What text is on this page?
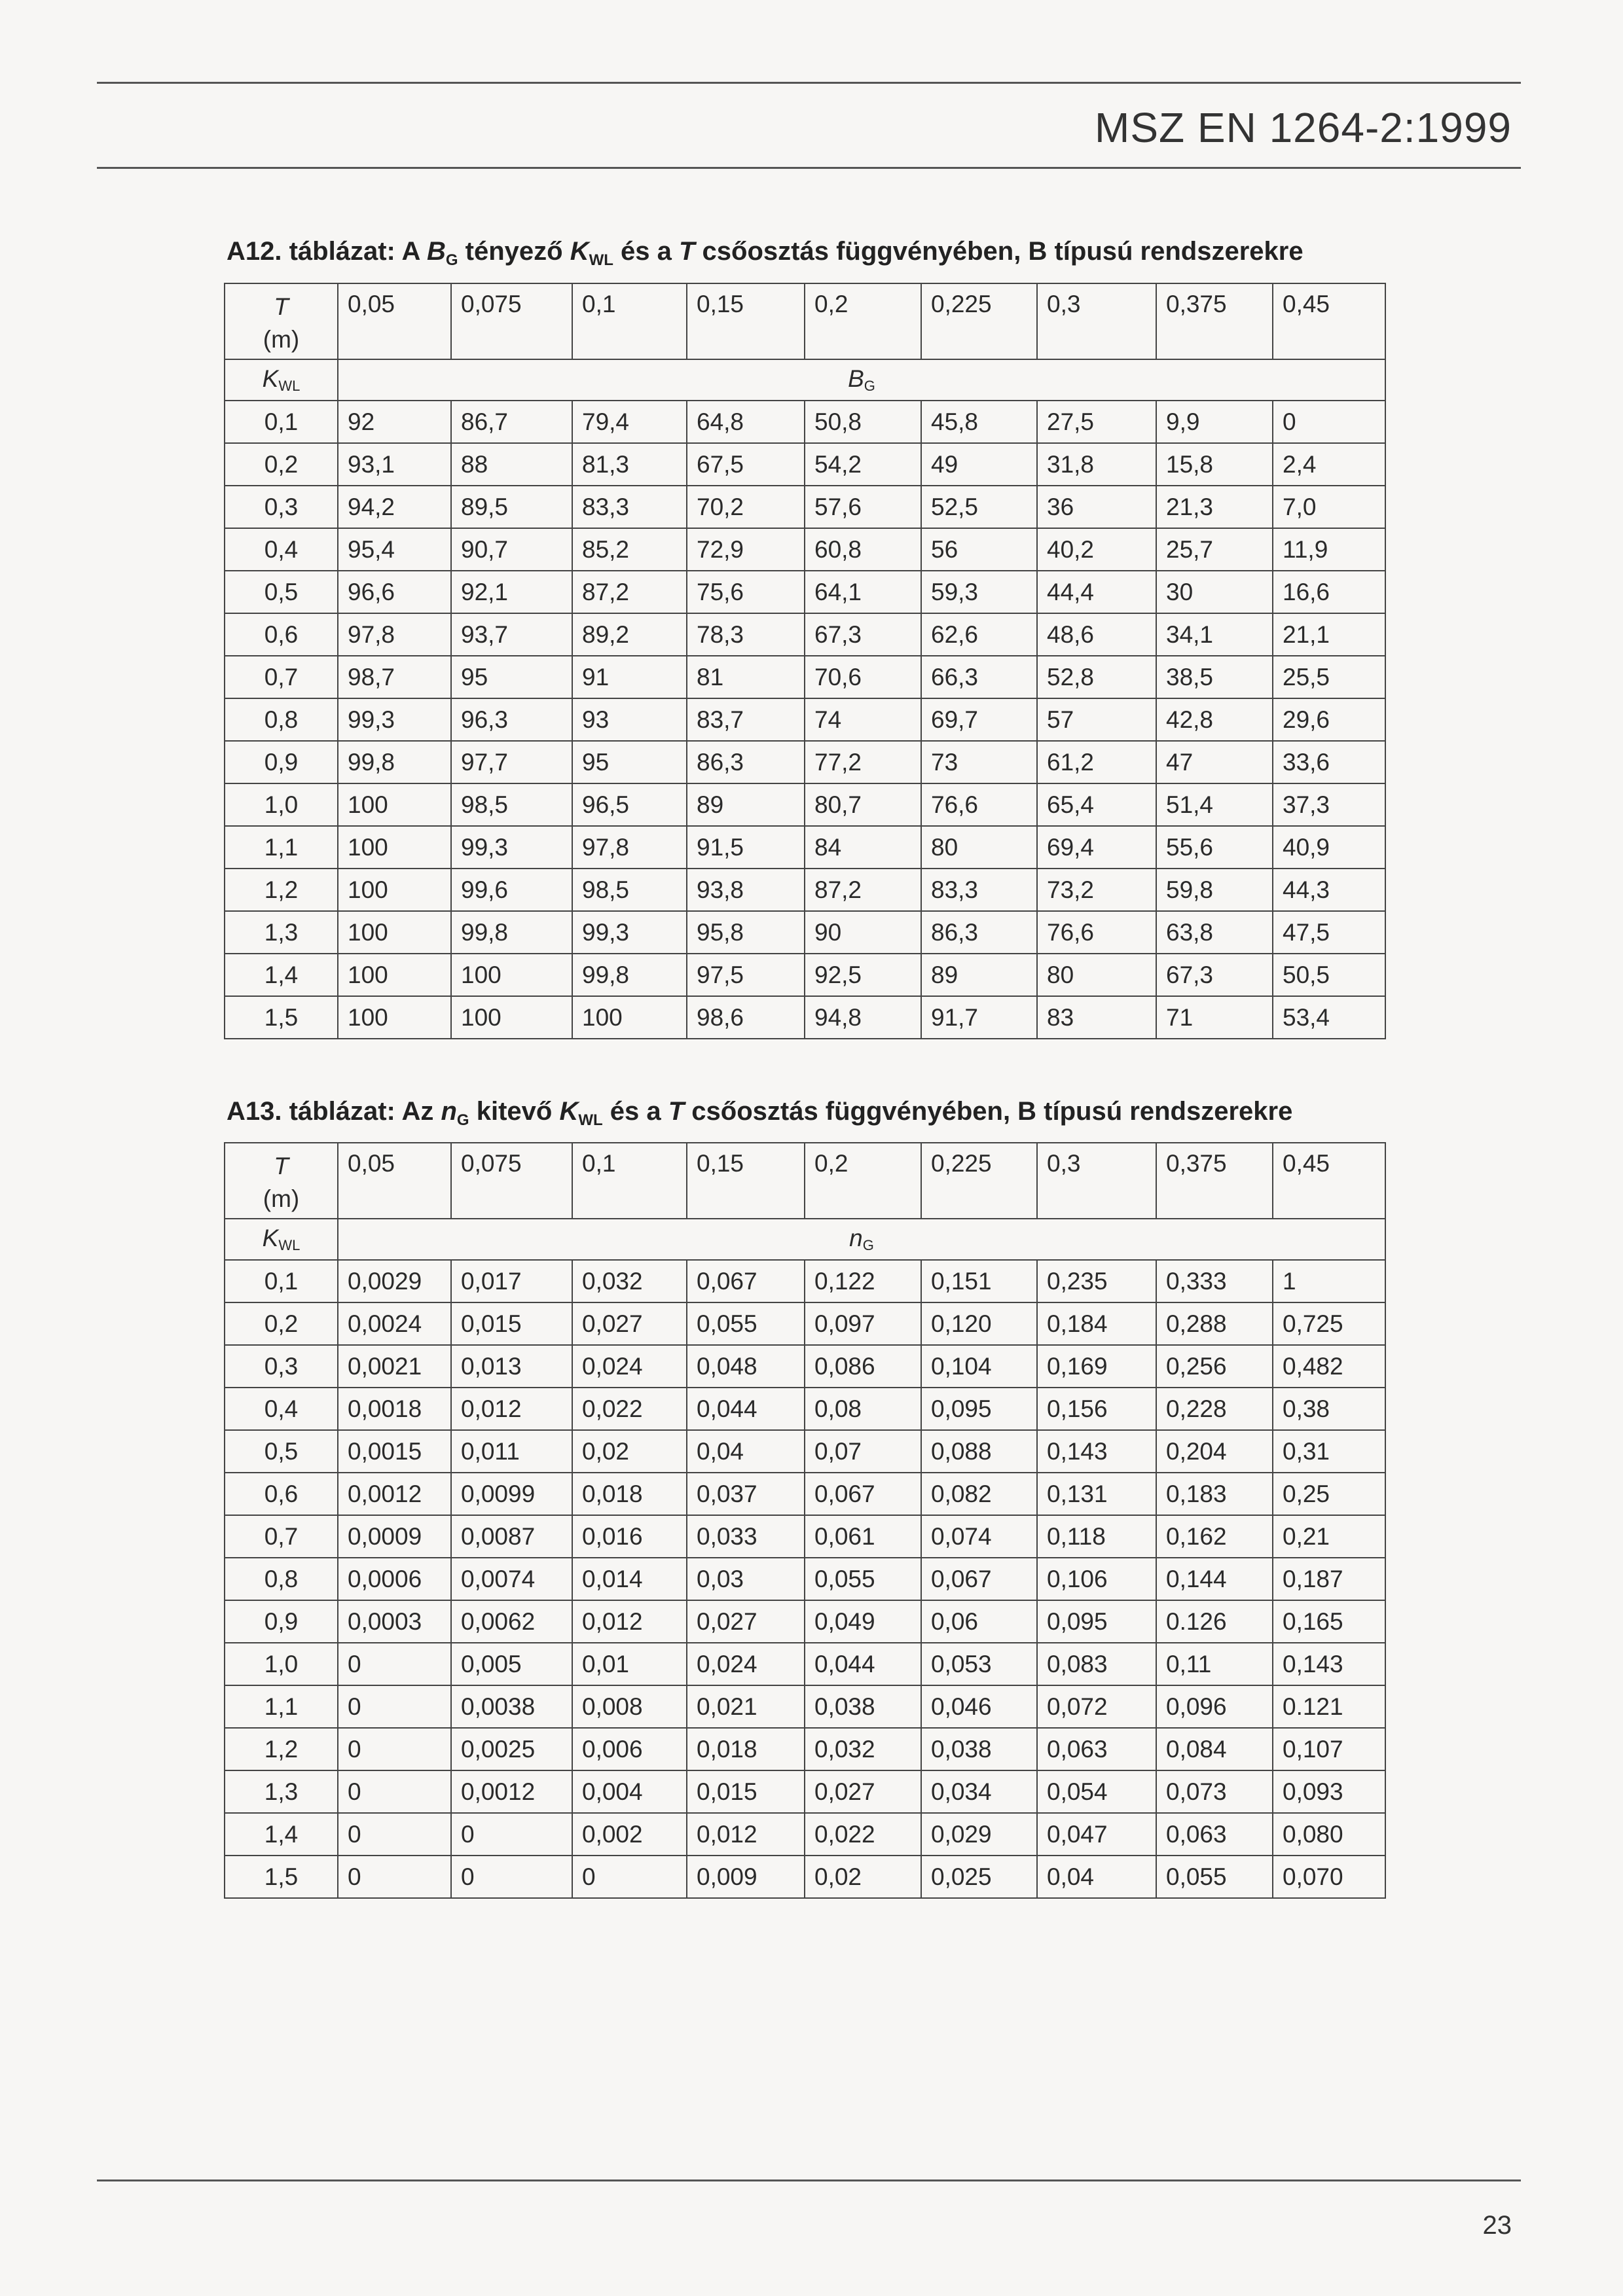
MSZ EN 1264-2:1999
A12. táblázat: A $B_G$ tényező $K_{WL}$ és a T csőosztás függvényében, B típusú rendszerekre
T
(m)	0,05	0,075	0,1	0,15	0,2	0,225	0,3	0,375	0,45
$K_{WL}$	$B_G$
0,1	92	86,7	79,4	64,8	50,8	45,8	27,5	9,9	0
0,2	93,1	88	81,3	67,5	54,2	49	31,8	15,8	2,4
0,3	94,2	89,5	83,3	70,2	57,6	52,5	36	21,3	7,0
0,4	95,4	90,7	85,2	72,9	60,8	56	40,2	25,7	11,9
0,5	96,6	92,1	87,2	75,6	64,1	59,3	44,4	30	16,6
0,6	97,8	93,7	89,2	78,3	67,3	62,6	48,6	34,1	21,1
0,7	98,7	95	91	81	70,6	66,3	52,8	38,5	25,5
0,8	99,3	96,3	93	83,7	74	69,7	57	42,8	29,6
0,9	99,8	97,7	95	86,3	77,2	73	61,2	47	33,6
1,0	100	98,5	96,5	89	80,7	76,6	65,4	51,4	37,3
1,1	100	99,3	97,8	91,5	84	80	69,4	55,6	40,9
1,2	100	99,6	98,5	93,8	87,2	83,3	73,2	59,8	44,3
1,3	100	99,8	99,3	95,8	90	86,3	76,6	63,8	47,5
1,4	100	100	99,8	97,5	92,5	89	80	67,3	50,5
1,5	100	100	100	98,6	94,8	91,7	83	71	53,4
A13. táblázat: Az $n_G$ kitevő $K_{WL}$ és a T csőosztás függvényében, B típusú rendszerekre
T
(m)	0,05	0,075	0,1	0,15	0,2	0,225	0,3	0,375	0,45
$K_{WL}$	$n_G$
0,1	0,0029	0,017	0,032	0,067	0,122	0,151	0,235	0,333	1
0,2	0,0024	0,015	0,027	0,055	0,097	0,120	0,184	0,288	0,725
0,3	0,0021	0,013	0,024	0,048	0,086	0,104	0,169	0,256	0,482
0,4	0,0018	0,012	0,022	0,044	0,08	0,095	0,156	0,228	0,38
0,5	0,0015	0,011	0,02	0,04	0,07	0,088	0,143	0,204	0,31
0,6	0,0012	0,0099	0,018	0,037	0,067	0,082	0,131	0,183	0,25
0,7	0,0009	0,0087	0,016	0,033	0,061	0,074	0,118	0,162	0,21
0,8	0,0006	0,0074	0,014	0,03	0,055	0,067	0,106	0,144	0,187
0,9	0,0003	0,0062	0,012	0,027	0,049	0,06	0,095	0.126	0,165
1,0	0	0,005	0,01	0,024	0,044	0,053	0,083	0,11	0,143
1,1	0	0,0038	0,008	0,021	0,038	0,046	0,072	0,096	0.121
1,2	0	0,0025	0,006	0,018	0,032	0,038	0,063	0,084	0,107
1,3	0	0,0012	0,004	0,015	0,027	0,034	0,054	0,073	0,093
1,4	0	0	0,002	0,012	0,022	0,029	0,047	0,063	0,080
1,5	0	0	0	0,009	0,02	0,025	0,04	0,055	0,070
23
